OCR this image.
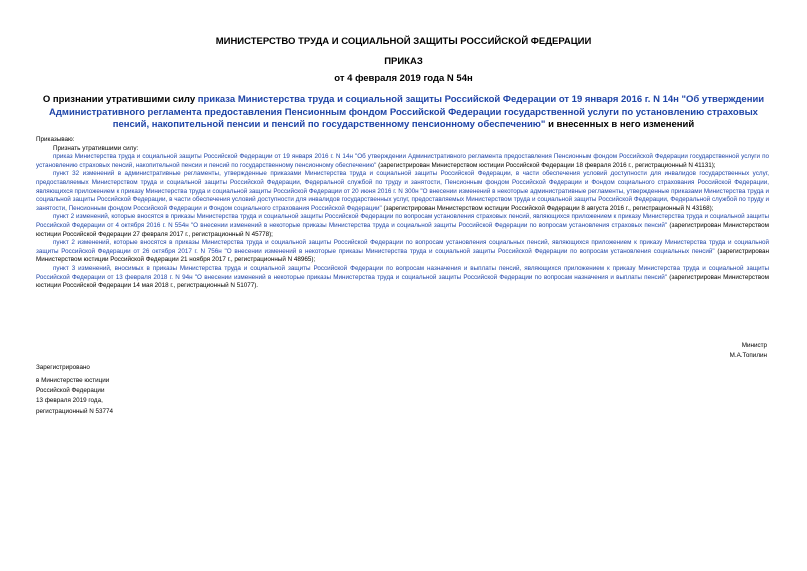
МИНИСТЕРСТВО ТРУДА И СОЦИАЛЬНОЙ ЗАЩИТЫ РОССИЙСКОЙ ФЕДЕРАЦИИ
ПРИКАЗ
от 4 февраля 2019 года N 54н
О признании утратившими силу приказа Министерства труда и социальной защиты Российской Федерации от 19 января 2016 г. N 14н "Об утверждении Административного регламента предоставления Пенсионным фондом Российской Федерации государственной услуги по установлению страховых пенсий, накопительной пенсии и пенсий по государственному пенсионному обеспечению" и внесенных в него изменений

Приказываю:

Признать утратившими силу:

приказ Министерства труда и социальной защиты Российской Федерации от 19 января 2016 г. N 14н "Об утверждении Административного регламента предоставления Пенсионным фондом Российской Федерации государственной услуги по установлению страховых пенсий, накопительной пенсии и пенсий по государственному пенсионному обеспечению" (зарегистрирован Министерством юстиции Российской Федерации 18 февраля 2016 г., регистрационный N 41131);

пункт 32 изменений в административные регламенты, утвержденные приказами Министерства труда и социальной защиты Российской Федерации, в части обеспечения условий доступности для инвалидов государственных услуг, предоставляемых Министерством труда и социальной защиты Российской Федерации, Федеральной службой по труду и занятости, Пенсионным фондом Российской Федерации и Фондом социального страхования Российской Федерации, являющихся приложением к приказу Министерства труда и социальной защиты Российской Федерации от 20 июня 2016 г. N 300н "О внесении изменений в некоторые административные регламенты, утвержденные приказами Министерства труда и социальной защиты Российской Федерации, в части обеспечения условий доступности для инвалидов государственных услуг, предоставляемых Министерством труда и социальной защиты Российской Федерации, Федеральной службой по труду и занятости, Пенсионным фондом Российской Федерации и Фондом социального страхования Российской Федерации" (зарегистрирован Министерством юстиции Российской Федерации 8 августа 2016 г., регистрационный N 43168);

пункт 2 изменений, которые вносятся в приказы Министерства труда и социальной защиты Российской Федерации по вопросам установления страховых пенсий, являющихся приложением к приказу Министерства труда и социальной защиты Российской Федерации от 4 октября 2016 г. N 554н "О внесении изменений в некоторые приказы Министерства труда и социальной защиты Российской Федерации по вопросам установления страховых пенсий" (зарегистрирован Министерством юстиции Российской Федерации 27 февраля 2017 г., регистрационный N 45778);

пункт 2 изменений, которые вносятся в приказы Министерства труда и социальной защиты Российской Федерации по вопросам установления социальных пенсий, являющихся приложением к приказу Министерства труда и социальной защиты Российской Федерации от 26 октября 2017 г. N 756н "О внесении изменений в некоторые приказы Министерства труда и социальной защиты Российской Федерации по вопросам установления социальных пенсий" (зарегистрирован Министерством юстиции Российской Федерации 21 ноября 2017 г., регистрационный N 48965);

пункт 3 изменений, вносимых в приказы Министерства труда и социальной защиты Российской Федерации по вопросам назначения и выплаты пенсий, являющихся приложением к приказу Министерства труда и социальной защиты Российской Федерации от 13 февраля 2018 г. N 94н "О внесении изменений в некоторые приказы Министерства труда и социальной защиты Российской Федерации по вопросам назначения и выплаты пенсий" (зарегистрирован Министерством юстиции Российской Федерации 14 мая 2018 г., регистрационный N 51077).

Министр
М.А.Топилин
Зарегистрировано
в Министерстве юстиции
Российской Федерации
13 февраля 2019 года,
регистрационный N 53774
